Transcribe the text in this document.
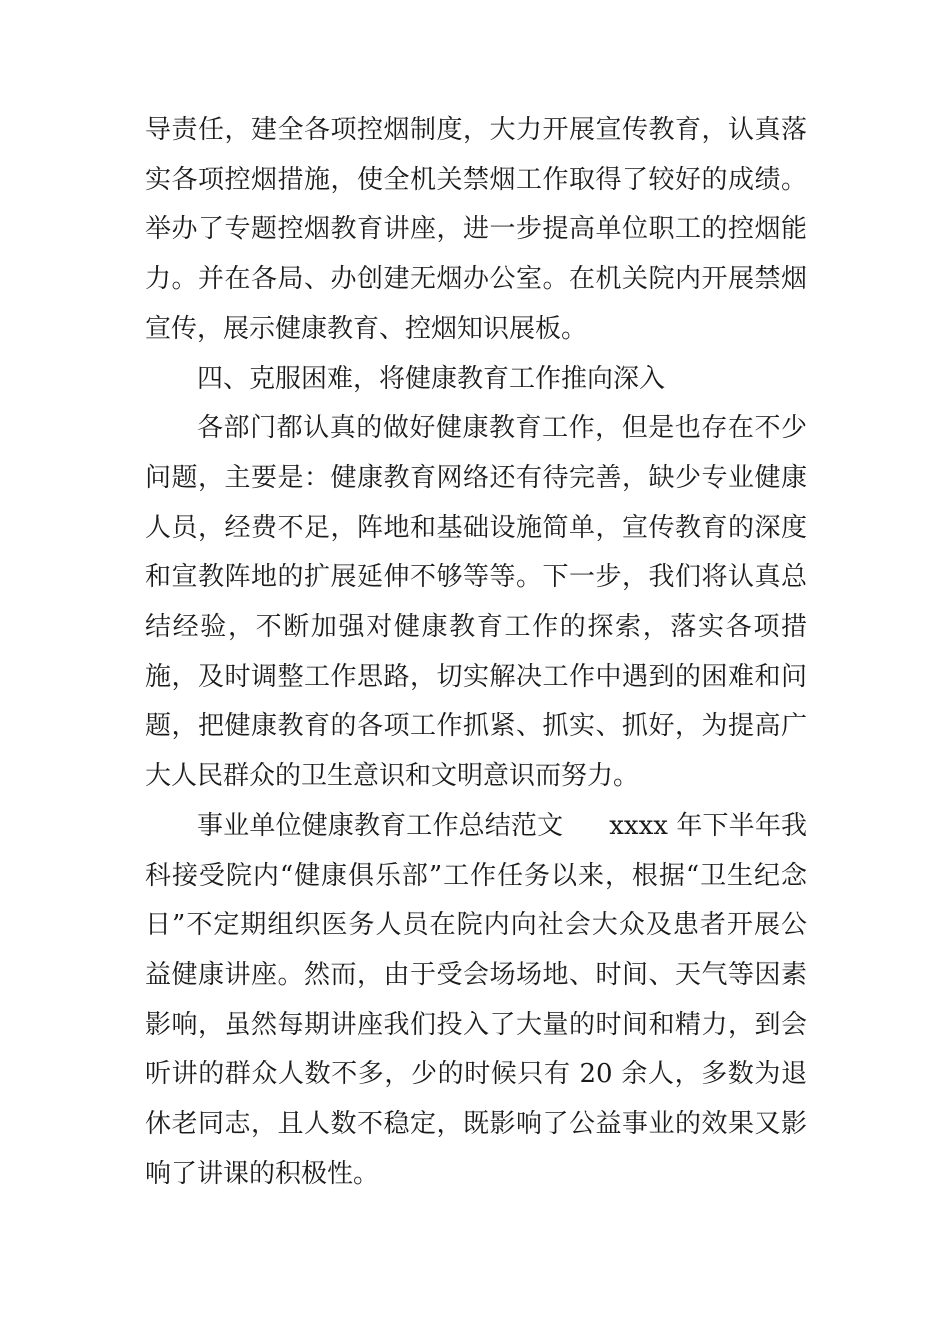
导责任，建全各项控烟制度，大力开展宣传教育，认真落实各项控烟措施，使全机关禁烟工作取得了较好的成绩。举办了专题控烟教育讲座，进一步提高单位职工的控烟能力。并在各局、办创建无烟办公室。在机关院内开展禁烟宣传，展示健康教育、控烟知识展板。

四、克服困难，将健康教育工作推向深入

各部门都认真的做好健康教育工作，但是也存在不少问题，主要是：健康教育网络还有待完善，缺少专业健康人员，经费不足，阵地和基础设施简单，宣传教育的深度和宣教阵地的扩展延伸不够等等。下一步，我们将认真总结经验，不断加强对健康教育工作的探索，落实各项措施，及时调整工作思路，切实解决工作中遇到的困难和问题，把健康教育的各项工作抓紧、抓实、抓好，为提高广大人民群众的卫生意识和文明意识而努力。

事业单位健康教育工作总结范文 xxxx 年下半年我科接受院内“健康俱乐部”工作任务以来，根据“卫生纪念日”不定期组织医务人员在院内向社会大众及患者开展公益健康讲座。然而，由于受会场场地、时间、天气等因素影响，虽然每期讲座我们投入了大量的时间和精力，到会听讲的群众人数不多，少的时候只有 20 余人，多数为退休老同志，且人数不稳定，既影响了公益事业的效果又影响了讲课的积极性。
